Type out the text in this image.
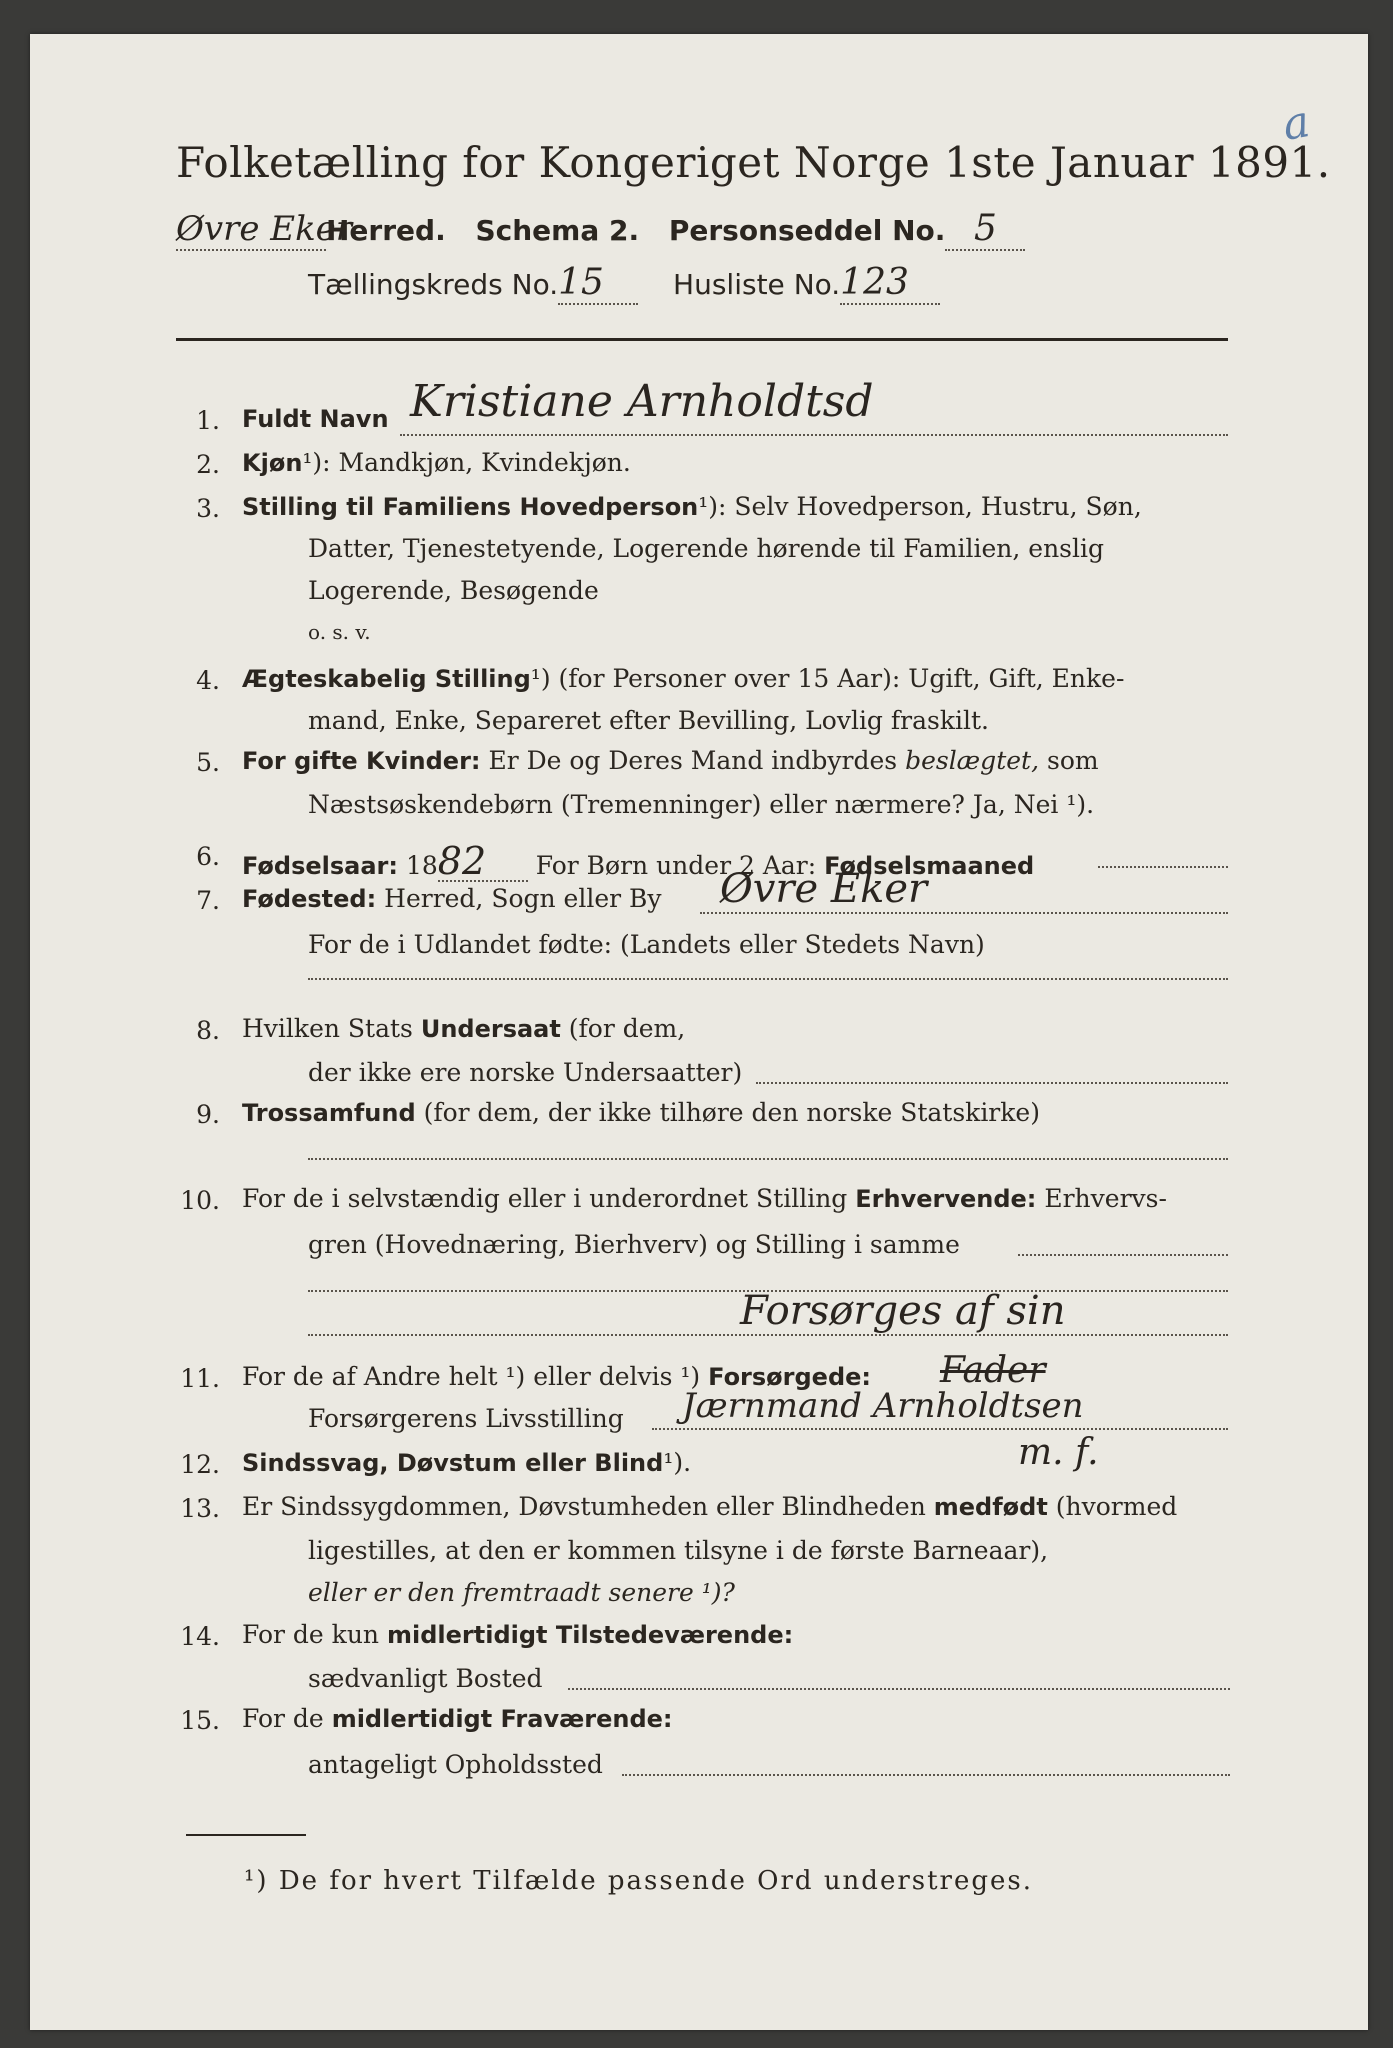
a
Folketælling for Kongeriget Norge 1ste Januar 1891.
Øvre EkerHerred. Schema 2. Personseddel No. 5
Tællingskreds No.15 Husliste No.123
1. Fuldt Navn Kristiane Arnholdtsd
2. Kjøn¹): Mandkjøn, Kvindekjøn.
3. Stilling til Familiens Hovedperson¹): Selv Hovedperson, Hustru, Søn,
Datter, Tjenestetyende, Logerende hørende til Familien, enslig
Logerende, Besøgende
o. s. v.
4. Ægteskabelig Stilling¹) (for Personer over 15 Aar): Ugift, Gift, Enke-
mand, Enke, Separeret efter Bevilling, Lovlig fraskilt.
5. For gifte Kvinder: Er De og Deres Mand indbyrdes beslægtet, som
Næstsøskendebørn (Tremenninger) eller nærmere? Ja, Nei ¹).
6. Fødselsaar: 1882 For Børn under 2 Aar: Fødselsmaaned
7. Fødested: Herred, Sogn eller By Øvre Eker
For de i Udlandet fødte: (Landets eller Stedets Navn)
8. Hvilken Stats Undersaat (for dem,
der ikke ere norske Undersaatter)
9. Trossamfund (for dem, der ikke tilhøre den norske Statskirke)
10. For de i selvstændig eller i underordnet Stilling Erhvervende: Erhvervs-
gren (Hovednæring, Bierhverv) og Stilling i samme
Forsørges af sin
11. For de af Andre helt ¹) eller delvis ¹) Forsørgede: Fader
Forsørgerens Livsstilling Jærnmand Arnholdtsen
12. Sindssvag, Døvstum eller Blind¹).	m. f.
13. Er Sindssygdommen, Døvstumheden eller Blindheden medfødt (hvormed
ligestilles, at den er kommen tilsyne i de første Barneaar),
eller er den fremtraadt senere ¹)?
14. For de kun midlertidigt Tilstedeværende:
sædvanligt Bosted
15. For de midlertidigt Fraværende:
antageligt Opholdssted
¹) De for hvert Tilfælde passende Ord understreges.
